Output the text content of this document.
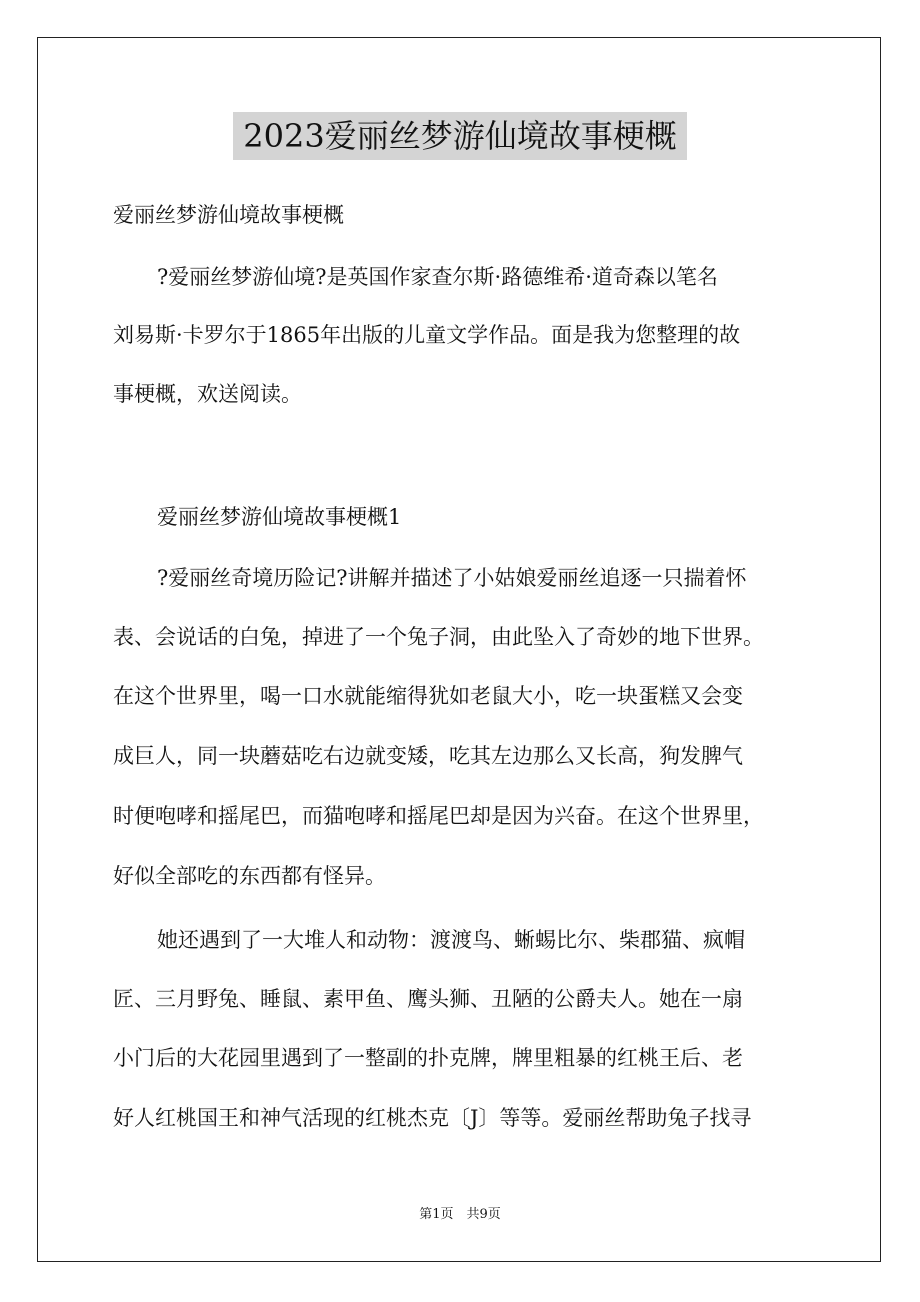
2023爱丽丝梦游仙境故事梗概
爱丽丝梦游仙境故事梗概
?爱丽丝梦游仙境?是英国作家查尔斯·路德维希·道奇森以笔名
刘易斯·卡罗尔于1865年出版的儿童文学作品。面是我为您整理的故
事梗概，欢送阅读。
爱丽丝梦游仙境故事梗概1
?爱丽丝奇境历险记?讲解并描述了小姑娘爱丽丝追逐一只揣着怀
表、会说话的白兔，掉进了一个兔子洞，由此坠入了奇妙的地下世界。
在这个世界里，喝一口水就能缩得犹如老鼠大小，吃一块蛋糕又会变
成巨人，同一块蘑菇吃右边就变矮，吃其左边那么又长高，狗发脾气
时便咆哮和摇尾巴，而猫咆哮和摇尾巴却是因为兴奋。在这个世界里，
好似全部吃的东西都有怪异。
她还遇到了一大堆人和动物：渡渡鸟、蜥蜴比尔、柴郡猫、疯帽
匠、三月野兔、睡鼠、素甲鱼、鹰头狮、丑陋的公爵夫人。她在一扇
小门后的大花园里遇到了一整副的扑克牌，牌里粗暴的红桃王后、老
好人红桃国王和神气活现的红桃杰克〔J〕等等。爱丽丝帮助兔子找寻
第1页　共9页
